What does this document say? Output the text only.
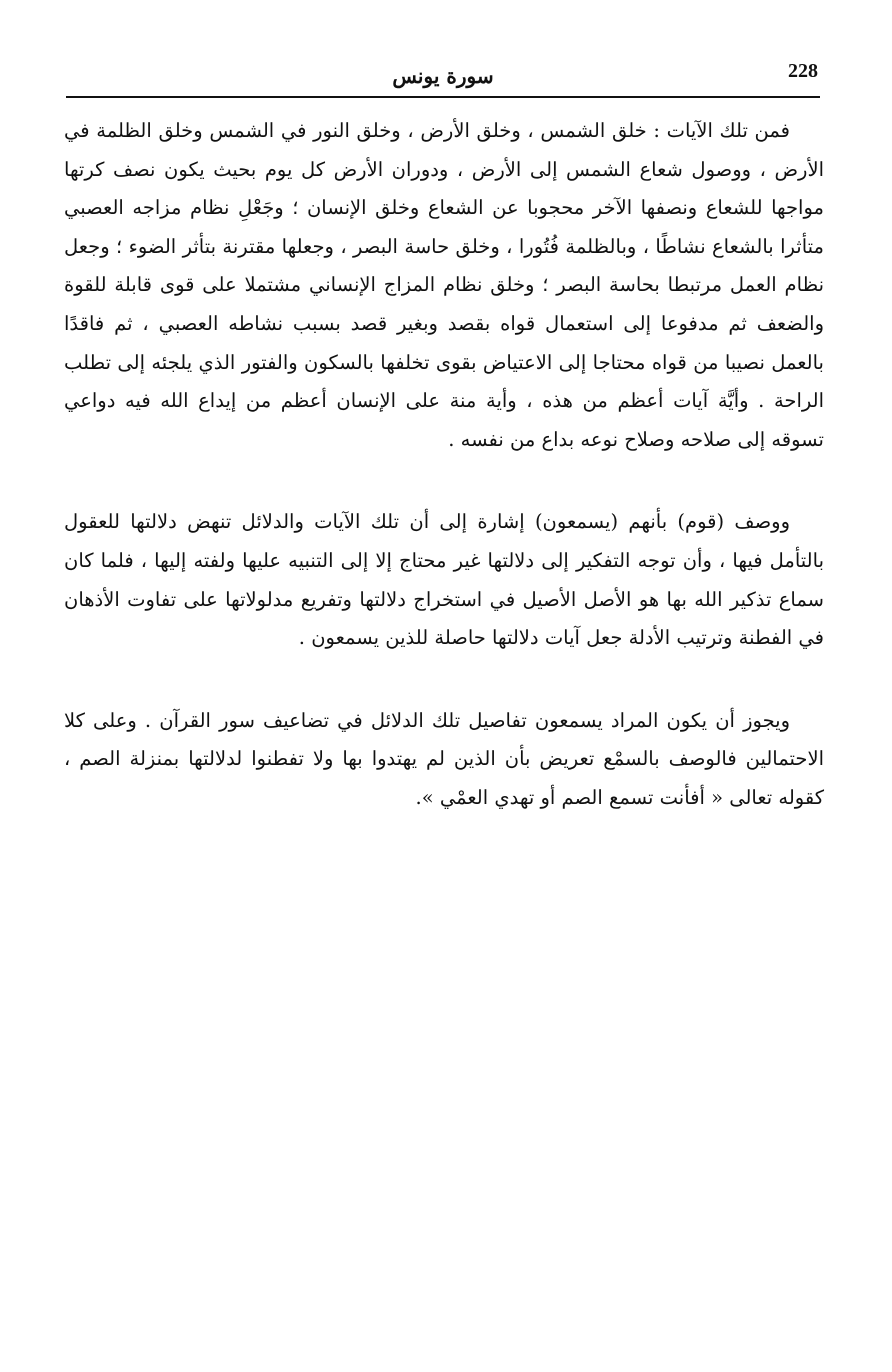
228
سورة يونس

فمن تلك الآيات : خلق الشمس ، وخلق الأرض ، وخلق النور في الشمس وخلق الظلمة في الأرض ، ووصول شعاع الشمس إلى الأرض ، ودوران الأرض كل يوم بحيث يكون نصف كرتها مواجها للشعاع ونصفها الآخر محجوبا عن الشعاع وخلق الإنسان ؛ وجَعْلِ نظام مزاجه العصبي متأثرا بالشعاع نشاطًا ، وبالظلمة فُتُورا ، وخلق حاسة البصر ، وجعلها مقترنة بتأثر الضوء ؛ وجعل نظام العمل مرتبطا بحاسة البصر ؛ وخلق نظام المزاج الإنساني مشتملا على قوى قابلة للقوة والضعف ثم مدفوعا إلى استعمال قواه بقصد وبغير قصد بسبب نشاطه العصبي ، ثم فاقدًا بالعمل نصيبا من قواه محتاجا إلى الاعتياض بقوى تخلفها بالسكون والفتور الذي يلجئه إلى تطلب الراحة . وأيَّة آيات أعظم من هذه ، وأية منة على الإنسان أعظم من إيداع الله فيه دواعي تسوقه إلى صلاحه وصلاح نوعه بداع من نفسه .

ووصف (قوم) بأنهم (يسمعون) إشارة إلى أن تلك الآيات والدلائل تنهض دلالتها للعقول بالتأمل فيها ، وأن توجه التفكير إلى دلالتها غير محتاج إلا إلى التنبيه عليها ولفته إليها ، فلما كان سماع تذكير الله بها هو الأصل الأصيل في استخراج دلالتها وتفريع مدلولاتها على تفاوت الأذهان في الفطنة وترتيب الأدلة جعل آيات دلالتها حاصلة للذين يسمعون .

ويجوز أن يكون المراد يسمعون تفاصيل تلك الدلائل في تضاعيف سور القرآن . وعلى كلا الاحتمالين فالوصف بالسمْع تعريض بأن الذين لم يهتدوا بها ولا تفطنوا لدلالتها بمنزلة الصم ، كقوله تعالى « أفأنت تسمع الصم أو تهدي العمْي ».
